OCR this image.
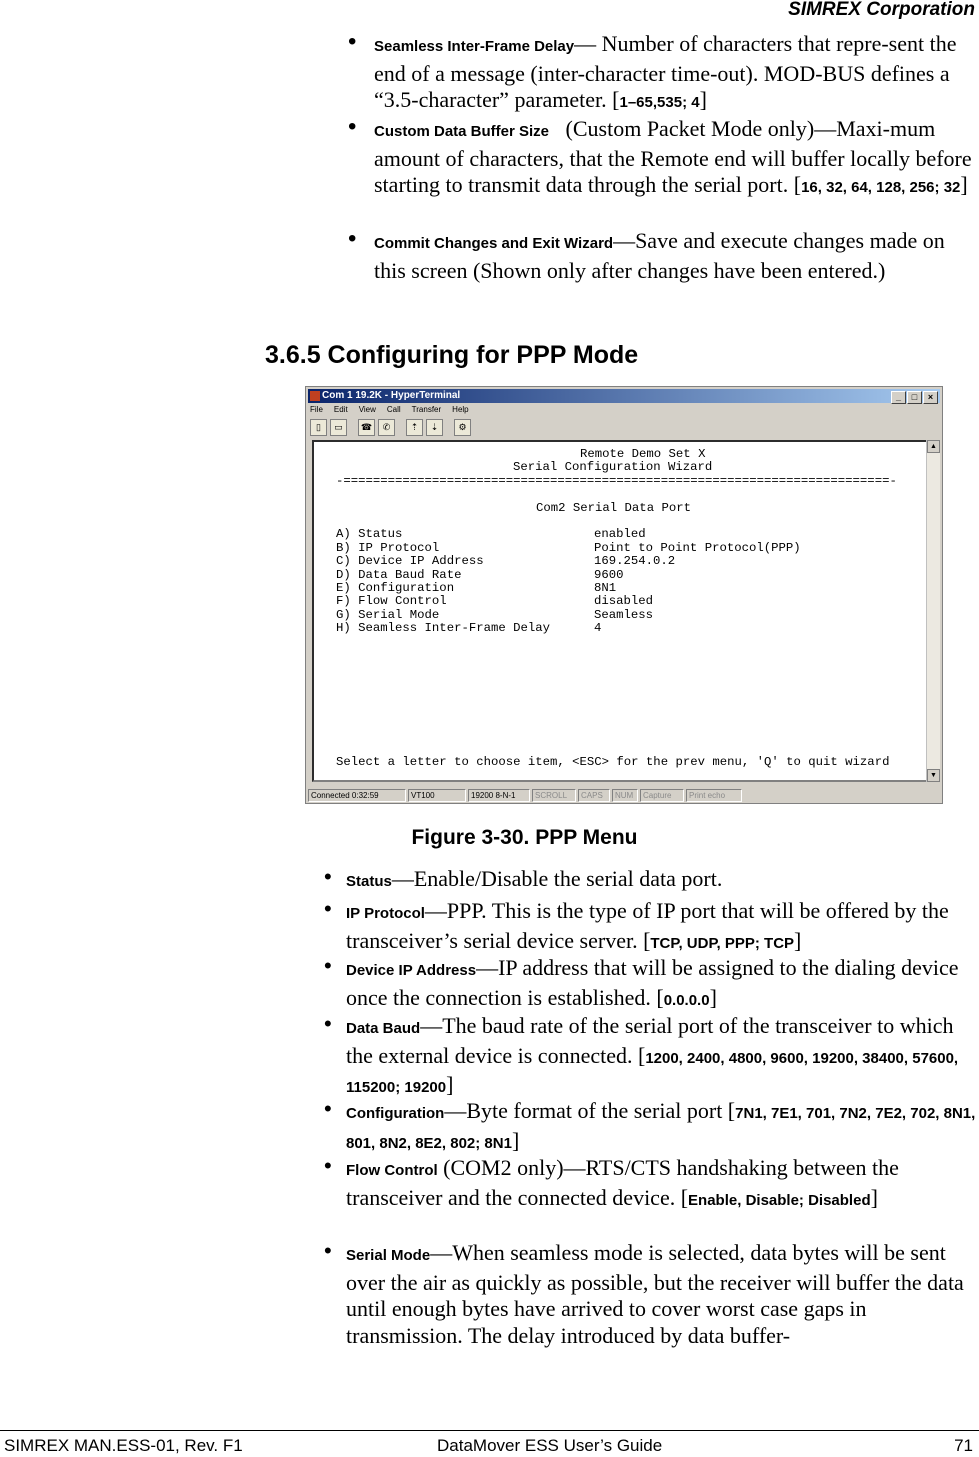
SIMREX Corporation
• Seamless Inter-Frame Delay— Number of characters that repre-sent the end of a message (inter-character time-out). MOD-BUS defines a “3.5-character” parameter. [1–65,535; 4]
• Custom Data Buffer Size   (Custom Packet Mode only)—Maxi-mum amount of characters, that the Remote end will buffer locally before starting to transmit data through the serial port. [16, 32, 64, 128, 256; 32]
• Commit Changes and Exit Wizard—Save and execute changes made on this screen (Shown only after changes have been entered.)
3.6.5 Configuring for PPP Mode
Com 1 19.2K - HyperTerminal	_	□	×
File Edit View Call Transfer Help
▯	▭	☎	✆	⇡	⇣	⚙
Remote Demo Set X
Serial Configuration Wizard
-==========================================================================-

Com2 Serial Data Port

A) Status	enabled
B) IP Protocol	Point to Point Protocol(PPP)
C) Device IP Address	169.254.0.2
D) Data Baud Rate	9600
E) Configuration	8N1
F) Flow Control	disabled
G) Serial Mode	Seamless
H) Seamless Inter-Frame Delay	4

Select a letter to choose item, <ESC> for the prev menu, 'Q' to quit wizard
▲
▼
Connected 0:32:59	VT100	19200 8-N-1	SCROLL	CAPS	NUM	Capture	Print echo
Figure 3-30. PPP Menu
• Status—Enable/Disable the serial data port.
• IP Protocol—PPP. This is the type of IP port that will be offered by the transceiver’s serial device server. [TCP, UDP, PPP; TCP]
• Device IP Address—IP address that will be assigned to the dialing device once the connection is established. [0.0.0.0]
• Data Baud—The baud rate of the serial port of the transceiver to which the external device is connected. [1200, 2400, 4800, 9600, 19200, 38400, 57600, 115200; 19200]
• Configuration—Byte format of the serial port [7N1, 7E1, 701, 7N2, 7E2, 702, 8N1, 801, 8N2, 8E2, 802; 8N1]
• Flow Control (COM2 only)—RTS/CTS handshaking between the transceiver and the connected device. [Enable, Disable; Disabled]
• Serial Mode—When seamless mode is selected, data bytes will be sent over the air as quickly as possible, but the receiver will buffer the data until enough bytes have arrived to cover worst case gaps in transmission. The delay introduced by data buffer-
SIMREX MAN.ESS-01, Rev. F1	DataMover ESS User’s Guide	71
